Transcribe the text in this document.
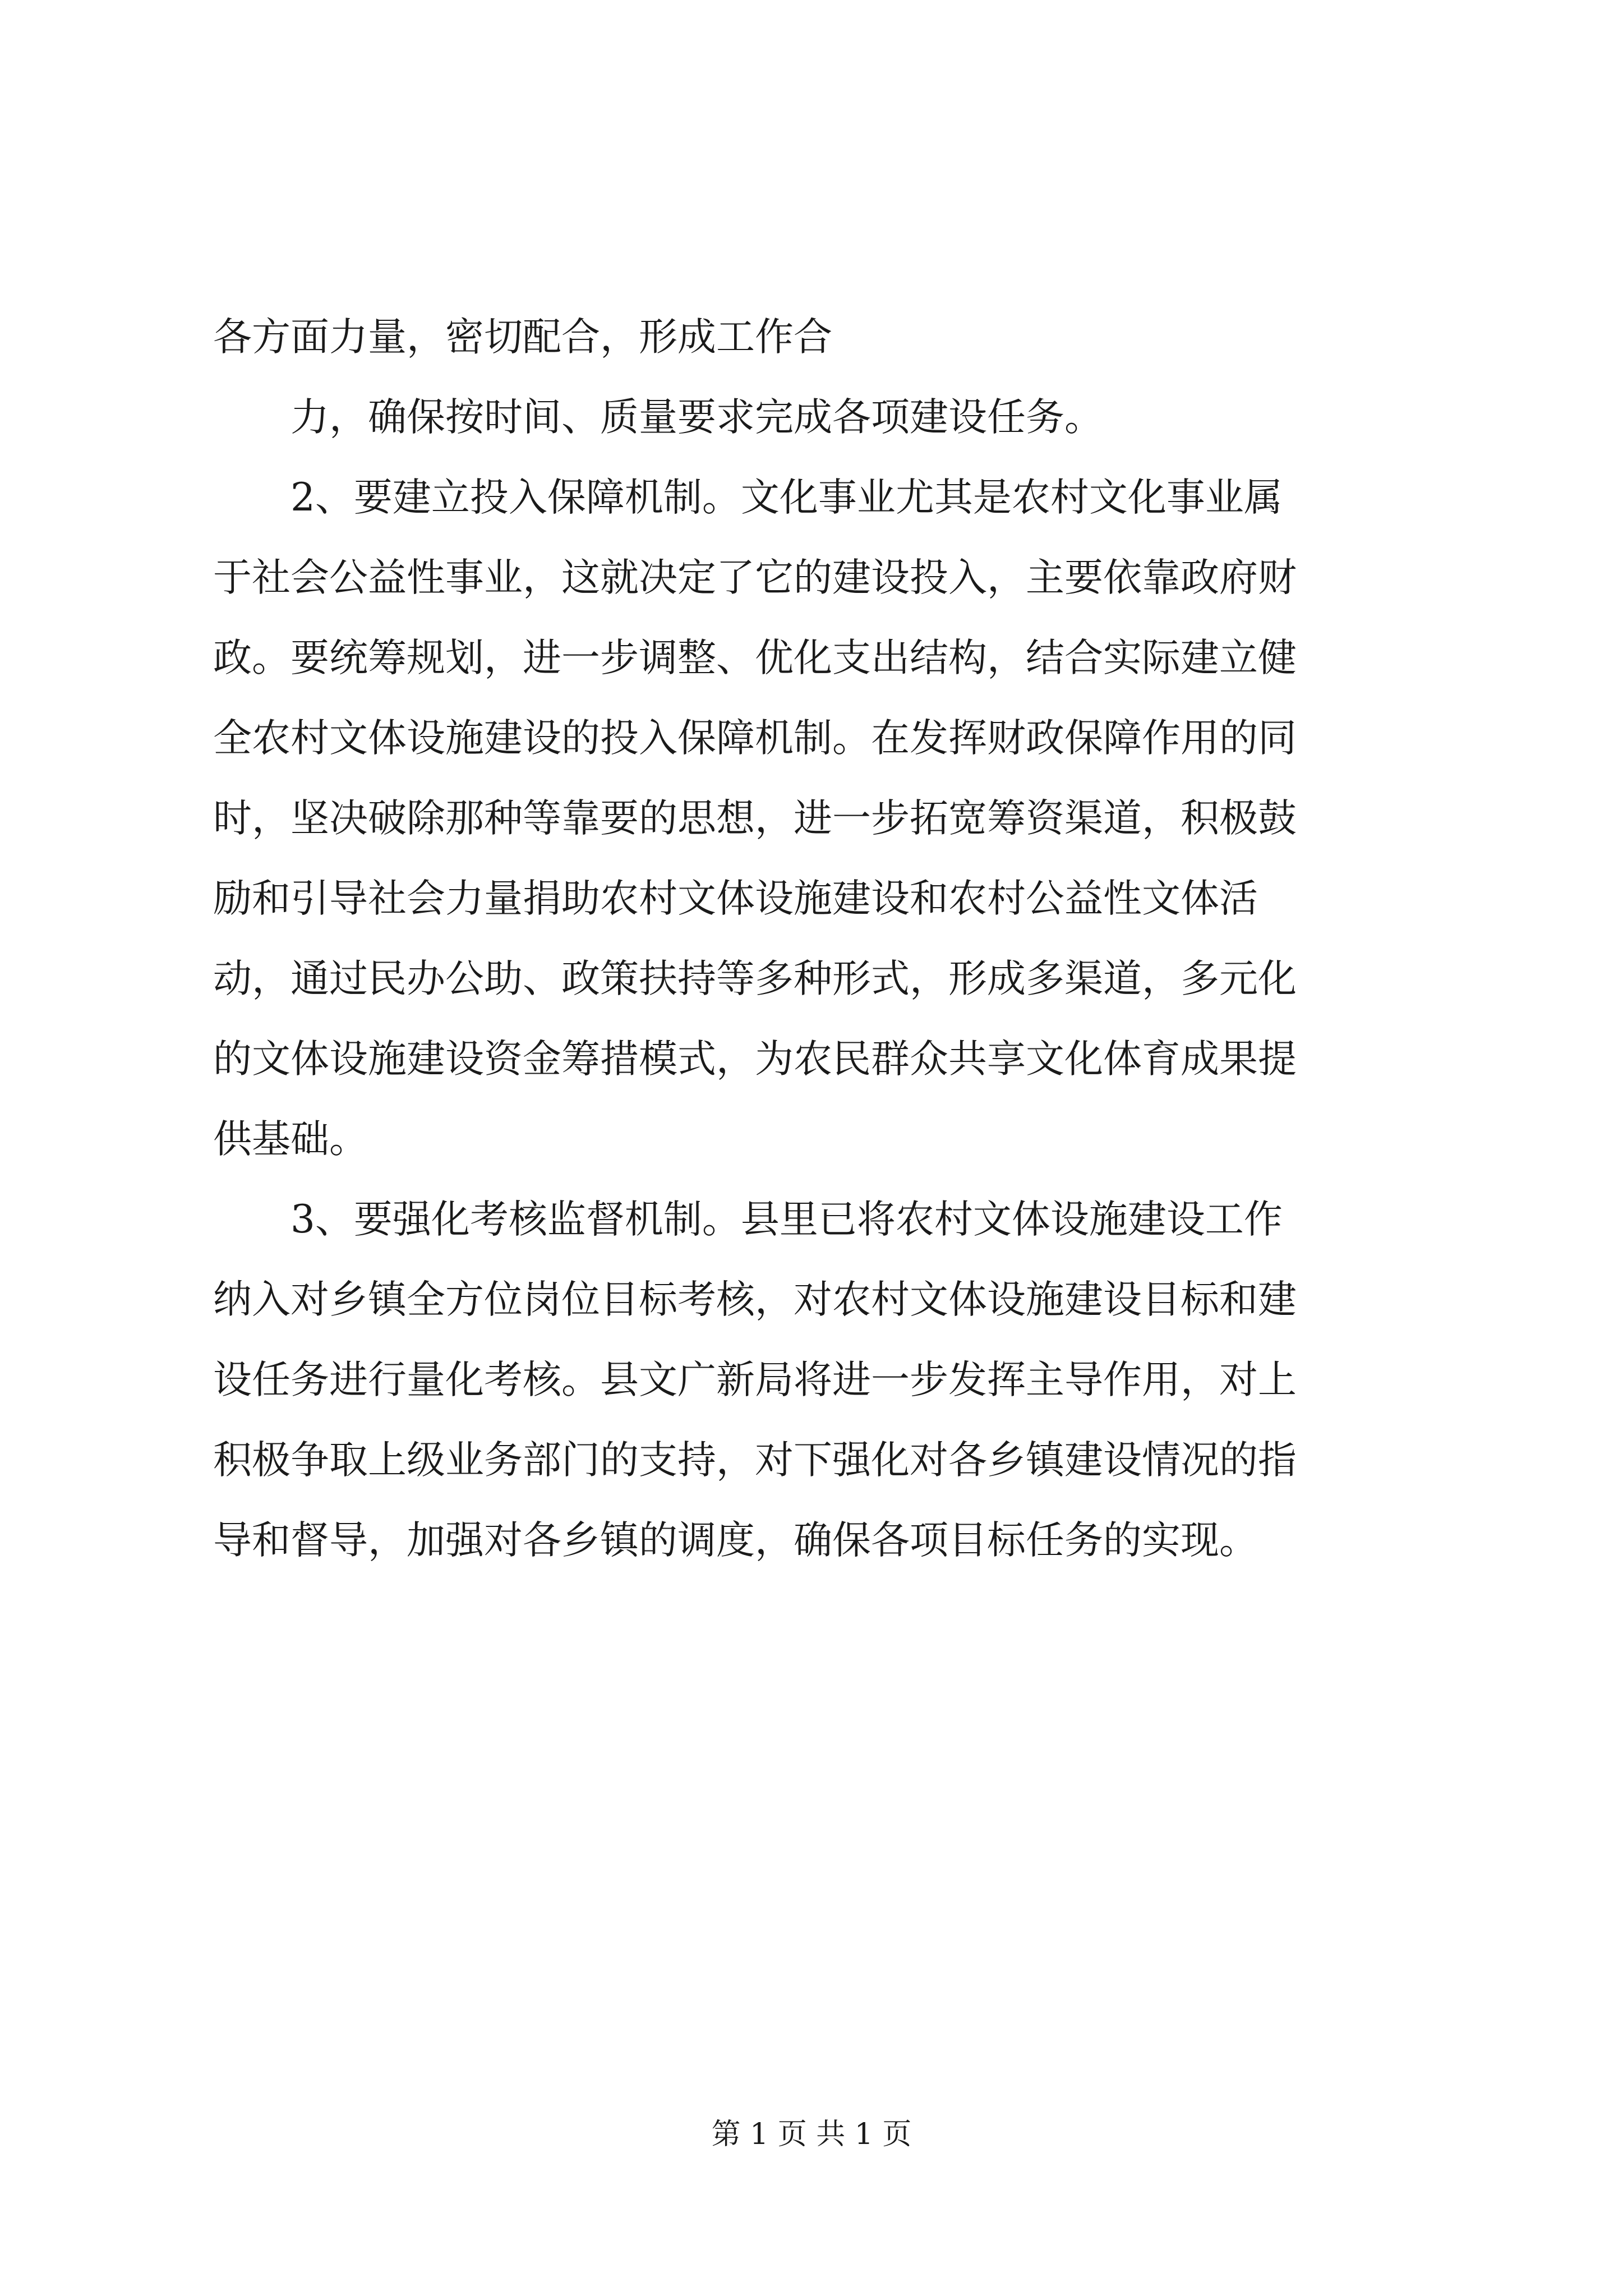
各方面力量，密切配合，形成工作合
　　力，确保按时间、质量要求完成各项建设任务。
　　2、要建立投入保障机制。文化事业尤其是农村文化事业属
于社会公益性事业，这就决定了它的建设投入，主要依靠政府财
政。要统筹规划，进一步调整、优化支出结构，结合实际建立健
全农村文体设施建设的投入保障机制。在发挥财政保障作用的同
时，坚决破除那种等靠要的思想，进一步拓宽筹资渠道，积极鼓
励和引导社会力量捐助农村文体设施建设和农村公益性文体活
动，通过民办公助、政策扶持等多种形式，形成多渠道，多元化
的文体设施建设资金筹措模式，为农民群众共享文化体育成果提
供基础。
　　3、要强化考核监督机制。县里已将农村文体设施建设工作
纳入对乡镇全方位岗位目标考核，对农村文体设施建设目标和建
设任务进行量化考核。县文广新局将进一步发挥主导作用，对上
积极争取上级业务部门的支持，对下强化对各乡镇建设情况的指
导和督导，加强对各乡镇的调度，确保各项目标任务的实现。
第 1 页 共 1 页
